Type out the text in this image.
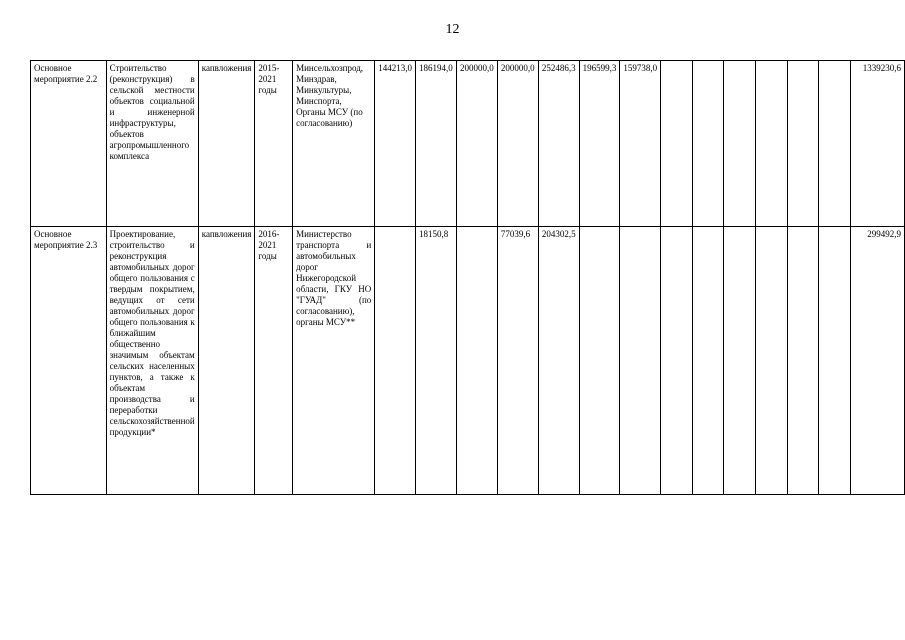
12
Основное мероприятие 2.2	Строительство (реконструкция) в сельской местности объектов социальной и инженерной инфраструктуры, объектов агропромышленного комплекса	капвложения	2015-2021 годы	Минсельхозпрод, Минздрав, Минкультуры, Минспорта, Органы МСУ (по согласованию)	144213,0	186194,0	200000,0	200000,0	252486,3	196599,3	159738,0							1339230,6
Основное мероприятие 2.3	Проектирование, строительство и реконструкция автомобильных дорог общего пользования с твердым покрытием, ведущих от сети автомобильных дорог общего пользования к ближайшим общественно значимым объектам сельских населенных пунктов, а также к объектам производства и переработки сельскохозяйственной продукции*	капвложения	2016-2021 годы	Министерство транспорта и автомобильных дорог Нижегородской области, ГКУ НО "ГУАД" (по согласованию), органы МСУ**		18150,8		77039,6	204302,5									299492,9
